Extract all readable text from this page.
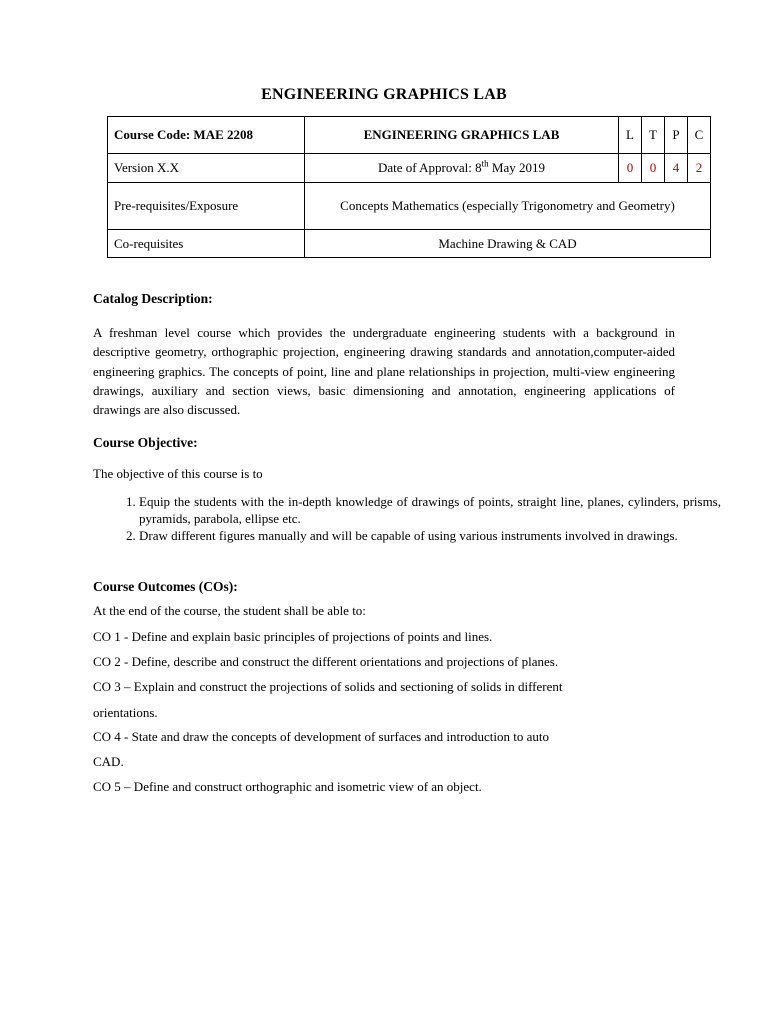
ENGINEERING GRAPHICS LAB
Course Code: MAE 2208	ENGINEERING GRAPHICS LAB	L	T	P	C
Version X.X	Date of Approval: 8th May 2019	0	0	4	2
Pre-requisites/Exposure	Concepts Mathematics (especially Trigonometry and Geometry)				
Co-requisites	Machine Drawing & CAD				
Catalog Description:
A freshman level course which provides the undergraduate engineering students with a background in descriptive geometry, orthographic projection, engineering drawing standards and annotation,computer-aided engineering graphics. The concepts of point, line and plane relationships in projection, multi-view engineering drawings, auxiliary and section views, basic dimensioning and annotation, engineering applications of drawings are also discussed.
Course Objective:
The objective of this course is to
1. Equip the students with the in-depth knowledge of drawings of points, straight line, planes, cylinders, prisms, pyramids, parabola, ellipse etc.
2. Draw different figures manually and will be capable of using various instruments involved in drawings.
Course Outcomes (COs):
At the end of the course, the student shall be able to:
CO 1 - Define and explain basic principles of projections of points and lines.
CO 2 - Define, describe and construct the different orientations and projections of planes.
CO 3 – Explain and construct the projections of solids and sectioning of solids in different
orientations.
CO 4 - State and draw the concepts of development of surfaces and introduction to auto
CAD.
CO 5 – Define and construct orthographic and isometric view of an object.
